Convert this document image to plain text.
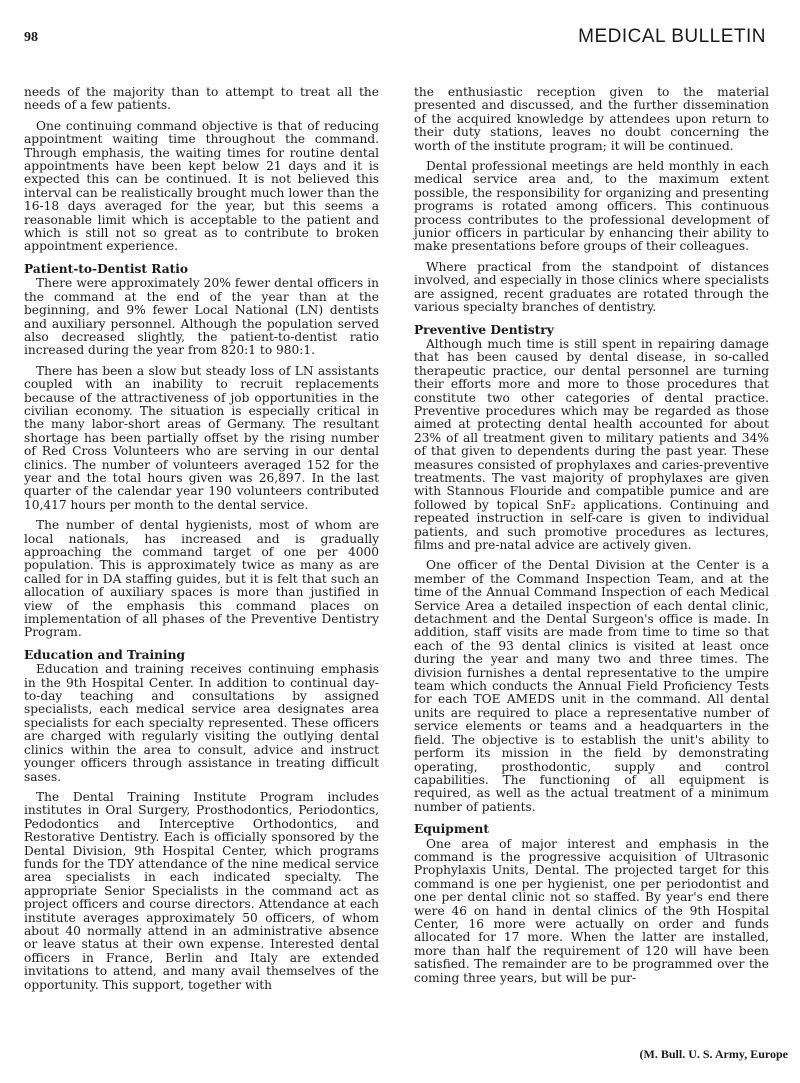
98	MEDICAL BULLETIN

needs of the majority than to attempt to treat all the needs of a few patients.

One continuing command objective is that of reducing appointment waiting time throughout the command. Through emphasis, the waiting times for routine dental appointments have been kept below 21 days and it is expected this can be continued. It is not believed this interval can be realistically brought much lower than the 16-18 days averaged for the year, but this seems a reasonable limit which is acceptable to the patient and which is still not so great as to contribute to broken appointment experience.

Patient-to-Dentist Ratio

There were approximately 20% fewer dental officers in the command at the end of the year than at the beginning, and 9% fewer Local National (LN) dentists and auxiliary personnel. Although the population served also decreased slightly, the patient-to-dentist ratio increased during the year from 820:1 to 980:1.

There has been a slow but steady loss of LN assistants coupled with an inability to recruit replacements because of the attractiveness of job opportunities in the civilian economy. The situation is especially critical in the many labor-short areas of Germany. The resultant shortage has been partially offset by the rising number of Red Cross Volunteers who are serving in our dental clinics. The number of volunteers averaged 152 for the year and the total hours given was 26,897. In the last quarter of the calendar year 190 volunteers contributed 10,417 hours per month to the dental service.

The number of dental hygienists, most of whom are local nationals, has increased and is gradually approaching the command target of one per 4000 population. This is approximately twice as many as are called for in DA staffing guides, but it is felt that such an allocation of auxiliary spaces is more than justified in view of the emphasis this command places on implementation of all phases of the Preventive Dentistry Program.

Education and Training

Education and training receives continuing emphasis in the 9th Hospital Center. In addition to continual day-to-day teaching and consultations by assigned specialists, each medical service area designates area specialists for each specialty represented. These officers are charged with regularly visiting the outlying dental clinics within the area to consult, advice and instruct younger officers through assistance in treating difficult sases.

The Dental Training Institute Program includes institutes in Oral Surgery, Prosthodontics, Periodontics, Pedodontics and Interceptive Orthodontics, and Restorative Dentistry. Each is officially sponsored by the Dental Division, 9th Hospital Center, which programs funds for the TDY attendance of the nine medical service area specialists in each indicated specialty. The appropriate Senior Specialists in the command act as project officers and course directors. Attendance at each institute averages approximately 50 officers, of whom about 40 normally attend in an administrative absence or leave status at their own expense. Interested dental officers in France, Berlin and Italy are extended invitations to attend, and many avail themselves of the opportunity. This support, together with

the enthusiastic reception given to the material presented and discussed, and the further dissemination of the acquired knowledge by attendees upon return to their duty stations, leaves no doubt concerning the worth of the institute program; it will be continued.

Dental professional meetings are held monthly in each medical service area and, to the maximum extent possible, the responsibility for organizing and presenting programs is rotated among officers. This continuous process contributes to the professional development of junior officers in particular by enhancing their ability to make presentations before groups of their colleagues.

Where practical from the standpoint of distances involved, and especially in those clinics where specialists are assigned, recent graduates are rotated through the various specialty branches of dentistry.

Preventive Dentistry

Although much time is still spent in repairing damage that has been caused by dental disease, in so-called therapeutic practice, our dental personnel are turning their efforts more and more to those procedures that constitute two other categories of dental practice. Preventive procedures which may be regarded as those aimed at protecting dental health accounted for about 23% of all treatment given to military patients and 34% of that given to dependents during the past year. These measures consisted of prophylaxes and caries-preventive treatments. The vast majority of prophylaxes are given with Stannous Flouride and compatible pumice and are followed by topical SnF₂ applications. Continuing and repeated instruction in self-care is given to individual patients, and such promotive procedures as lectures, films and pre-natal advice are actively given.

One officer of the Dental Division at the Center is a member of the Command Inspection Team, and at the time of the Annual Command Inspection of each Medical Service Area a detailed inspection of each dental clinic, detachment and the Dental Surgeon's office is made. In addition, staff visits are made from time to time so that each of the 93 dental clinics is visited at least once during the year and many two and three times. The division furnishes a dental representative to the umpire team which conducts the Annual Field Proficiency Tests for each TOE AMEDS unit in the command. All dental units are required to place a representative number of service elements or teams and a headquarters in the field. The objective is to establish the unit's ability to perform its mission in the field by demonstrating operating, prosthodontic, supply and control capabilities. The functioning of all equipment is required, as well as the actual treatment of a minimum number of patients.

Equipment

One area of major interest and emphasis in the command is the progressive acquisition of Ultrasonic Prophylaxis Units, Dental. The projected target for this command is one per hygienist, one per periodontist and one per dental clinic not so staffed. By year's end there were 46 on hand in dental clinics of the 9th Hospital Center, 16 more were actually on order and funds allocated for 17 more. When the latter are installed, more than half the requirement of 120 will have been satisfied. The remainder are to be programmed over the coming three years, but will be pur-

(M. Bull. U. S. Army, Europe
